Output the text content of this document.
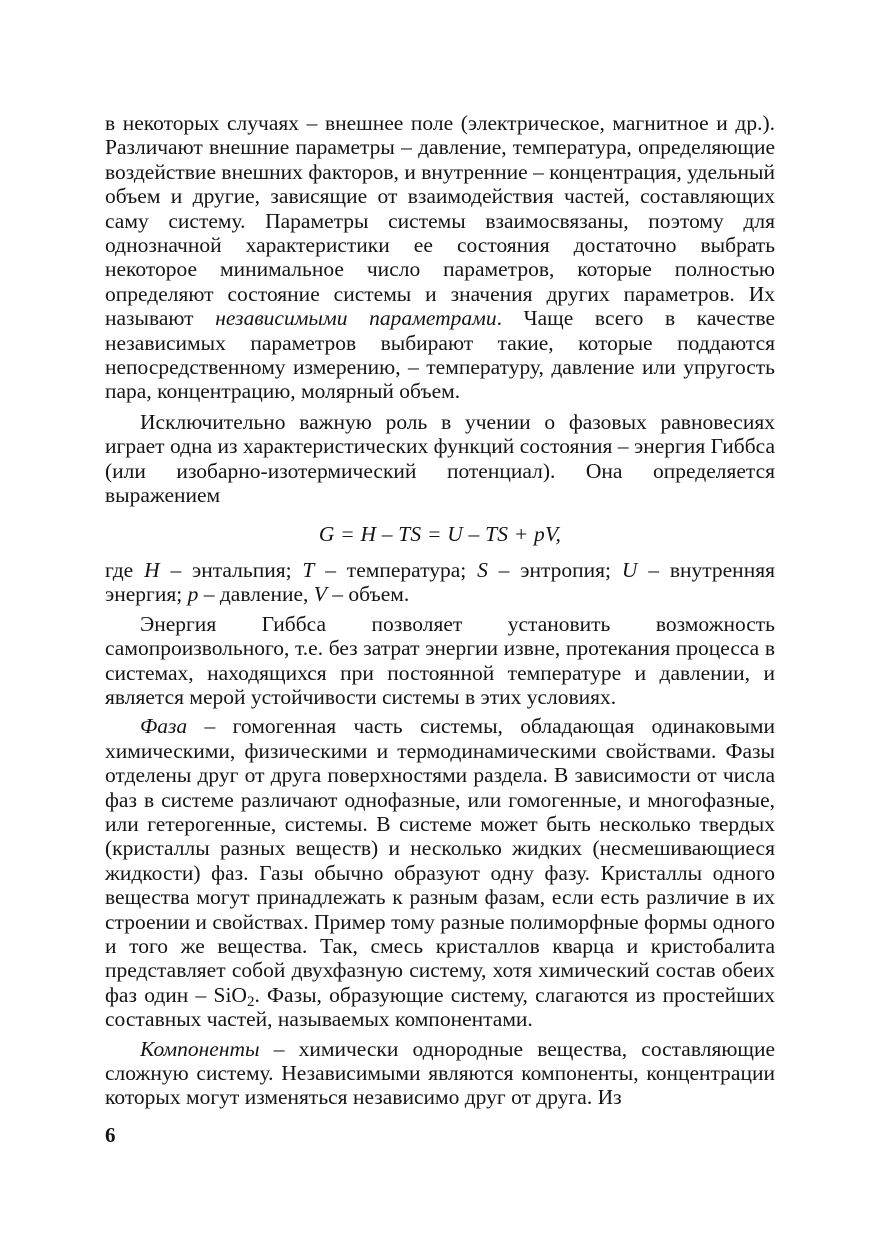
в некоторых случаях – внешнее поле (электрическое, магнитное и др.). Различают внешние параметры – давление, температура, определяющие воздействие внешних факторов, и внутренние – концентрация, удельный объем и другие, зависящие от взаимодействия частей, составляющих саму систему. Параметры системы взаимосвязаны, поэтому для однозначной характеристики ее состояния достаточно выбрать некоторое минимальное число параметров, которые полностью определяют состояние системы и значения других параметров. Их называют независимыми параметрами. Чаще всего в качестве независимых параметров выбирают такие, которые поддаются непосредственному измерению, – температуру, давление или упругость пара, концентрацию, молярный объем.

Исключительно важную роль в учении о фазовых равновесиях играет одна из характеристических функций состояния – энергия Гиббса (или изобарно-изотермический потенциал). Она определяется выражением

G = H – TS = U – TS + pV,

где H – энтальпия; T – температура; S – энтропия; U – внутренняя энергия; p – давление, V – объем.

Энергия Гиббса позволяет установить возможность самопроизвольного, т.е. без затрат энергии извне, протекания процесса в системах, находящихся при постоянной температуре и давлении, и является мерой устойчивости системы в этих условиях.

Фаза – гомогенная часть системы, обладающая одинаковыми химическими, физическими и термодинамическими свойствами. Фазы отделены друг от друга поверхностями раздела. В зависимости от числа фаз в системе различают однофазные, или гомогенные, и многофазные, или гетерогенные, системы. В системе может быть несколько твердых (кристаллы разных веществ) и несколько жидких (несмешивающиеся жидкости) фаз. Газы обычно образуют одну фазу. Кристаллы одного вещества могут принадлежать к разным фазам, если есть различие в их строении и свойствах. Пример тому разные полиморфные формы одного и того же вещества. Так, смесь кристаллов кварца и кристобалита представляет собой двухфазную систему, хотя химический состав обеих фаз один – SiO$_2$. Фазы, образующие систему, слагаются из простейших составных частей, называемых компонентами.

Компоненты – химически однородные вещества, составляющие сложную систему. Независимыми являются компоненты, концентрации которых могут изменяться независимо друг от друга. Из

6
